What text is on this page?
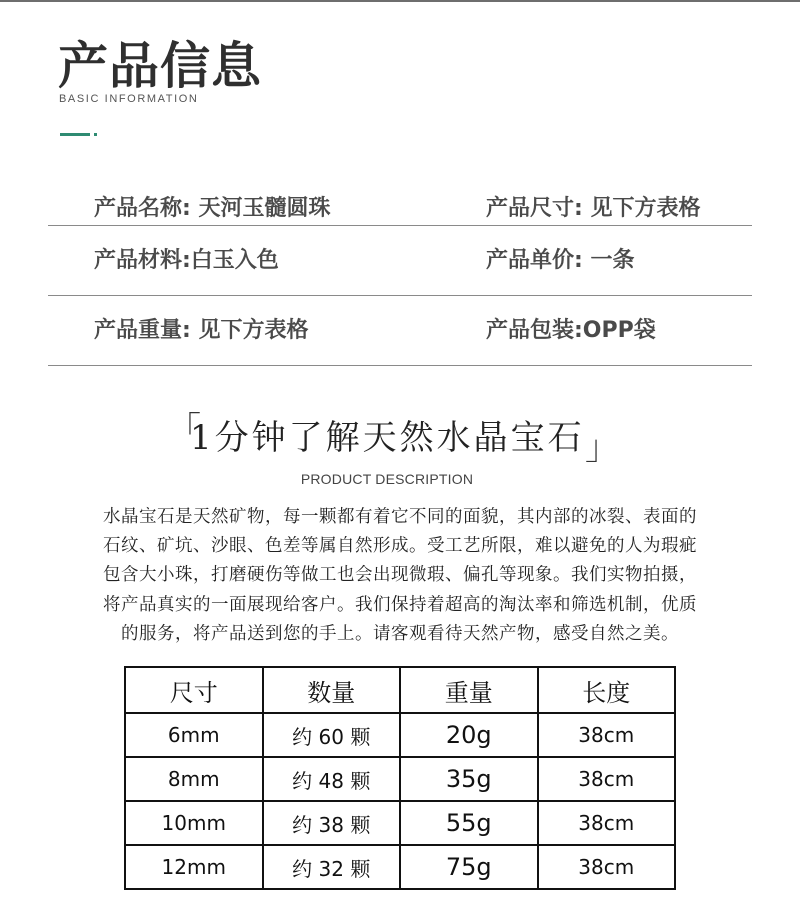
产品信息
BASIC INFORMATION
产品名称: 天河玉髓圆珠	产品尺寸: 见下方表格
产品材料:白玉入色	产品单价: 一条
产品重量: 见下方表格	产品包装:OPP袋
「
1分钟了解天然水晶宝石 」
PRODUCT DESCRIPTION
水晶宝石是天然矿物，每一颗都有着它不同的面貌，其内部的冰裂、表面的
石纹、矿坑、沙眼、色差等属自然形成。受工艺所限，难以避免的人为瑕疵
包含大小珠，打磨硬伤等做工也会出现微瑕、偏孔等现象。我们实物拍摄，
将产品真实的一面展现给客户。我们保持着超高的淘汰率和筛选机制，优质
的服务，将产品送到您的手上。请客观看待天然产物，感受自然之美。
尺寸	数量	重量	长度
6mm	约 60 颗	20g	38cm
8mm	约 48 颗	35g	38cm
10mm	约 38 颗	55g	38cm
12mm	约 32 颗	75g	38cm
